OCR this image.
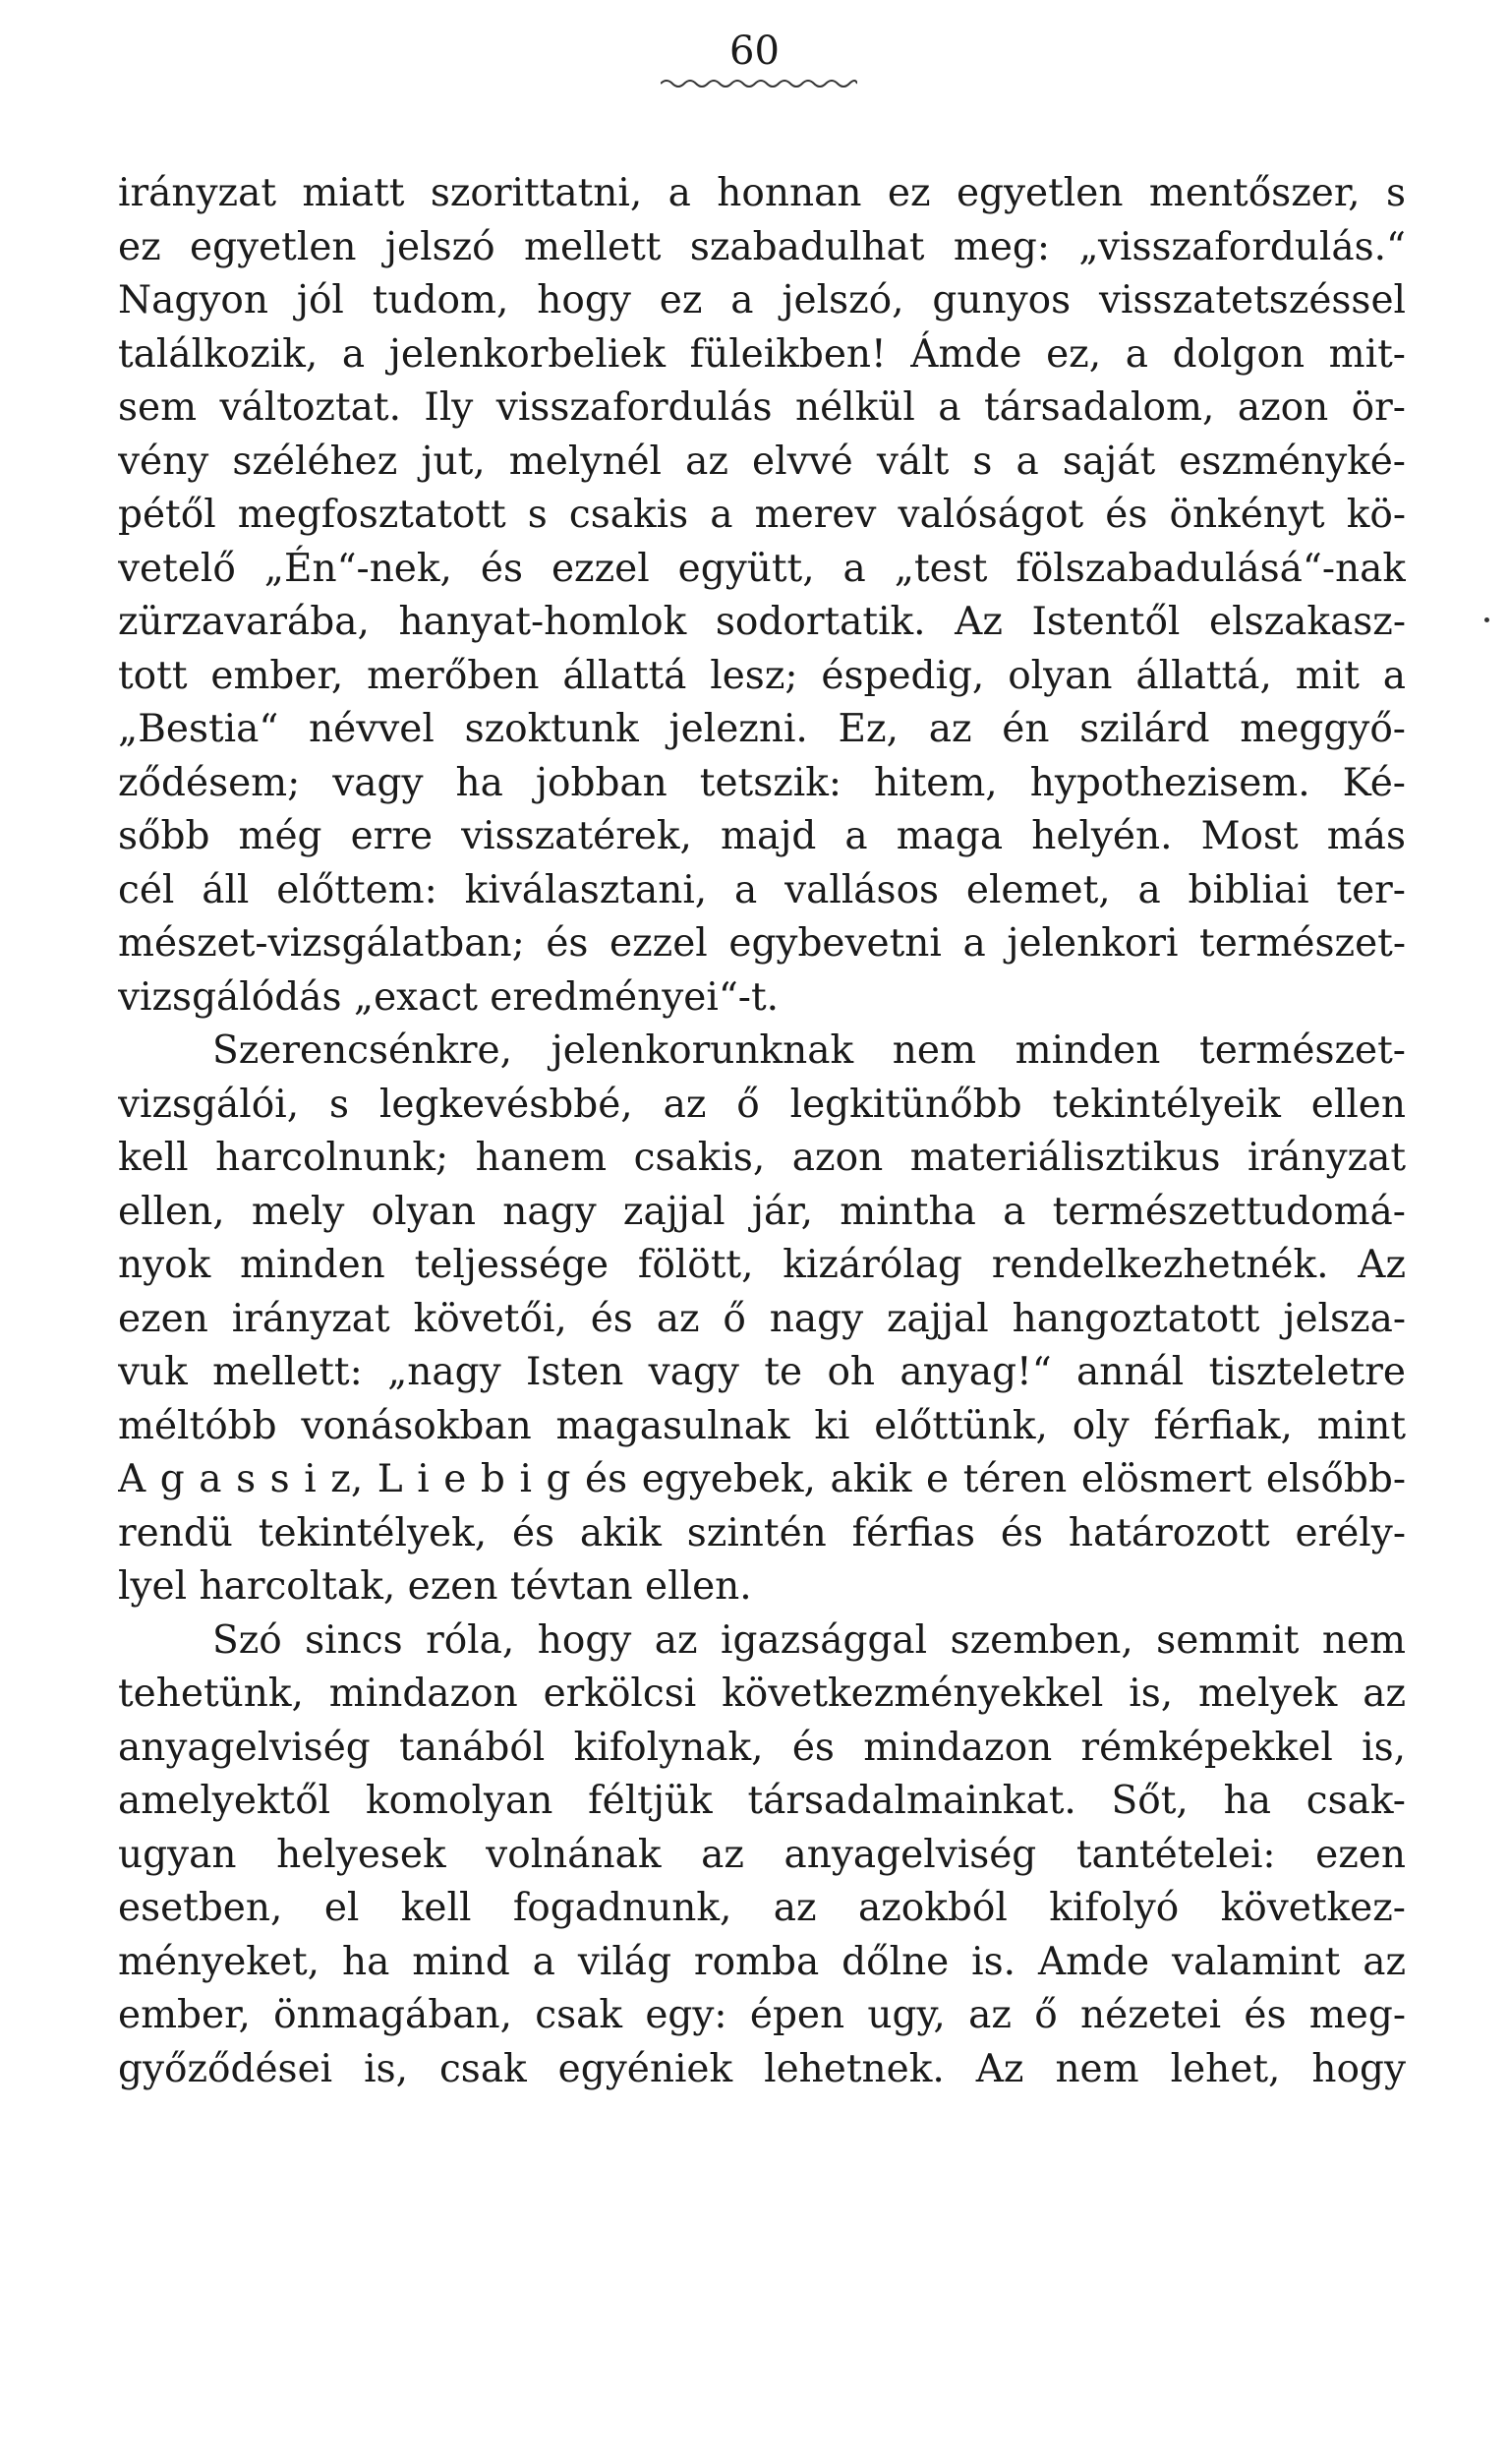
60
irányzat miatt szorittatni, a honnan ez egyetlen mentőszer, s
ez egyetlen jelszó mellett szabadulhat meg: „visszafordulás.“
Nagyon jól tudom, hogy ez a jelszó, gunyos visszatetszéssel
találkozik, a jelenkorbeliek füleikben! Ámde ez, a dolgon mit-
sem változtat. Ily visszafordulás nélkül a társadalom, azon ör-
vény széléhez jut, melynél az elvvé vált s a saját eszményké-
pétől megfosztatott s csakis a merev valóságot és önkényt kö-
vetelő „Én“-nek, és ezzel együtt, a „test fölszabadulásá“-nak
zürzavarába, hanyat-homlok sodortatik. Az Istentől elszakasz-
tott ember, merőben állattá lesz; éspedig, olyan állattá, mit a
„Bestia“ névvel szoktunk jelezni. Ez, az én szilárd meggyő-
ződésem; vagy ha jobban tetszik: hitem, hypothezisem. Ké-
sőbb még erre visszatérek, majd a maga helyén. Most más
cél áll előttem: kiválasztani, a vallásos elemet, a bibliai ter-
mészet-vizsgálatban; és ezzel egybevetni a jelenkori természet-
vizsgálódás „exact eredményei“-t.
Szerencsénkre, jelenkorunknak nem minden természet-
vizsgálói, s legkevésbbé, az ő legkitünőbb tekintélyeik ellen
kell harcolnunk; hanem csakis, azon materiálisztikus irányzat
ellen, mely olyan nagy zajjal jár, mintha a természettudomá-
nyok minden teljessége fölött, kizárólag rendelkezhetnék. Az
ezen irányzat követői, és az ő nagy zajjal hangoztatott jelsza-
vuk mellett: „nagy Isten vagy te oh anyag!“ annál tiszteletre
méltóbb vonásokban magasulnak ki előttünk, oly férfiak, mint
A g a s s i z, L i e b i g és egyebek, akik e téren elösmert elsőbb-
rendü tekintélyek, és akik szintén férfias és határozott erély-
lyel harcoltak, ezen tévtan ellen.
Szó sincs róla, hogy az igazsággal szemben, semmit nem
tehetünk, mindazon erkölcsi következményekkel is, melyek az
anyagelviség tanából kifolynak, és mindazon rémképekkel is,
amelyektől komolyan féltjük társadalmainkat. Sőt, ha csak-
ugyan helyesek volnának az anyagelviség tantételei: ezen
esetben, el kell fogadnunk, az azokból kifolyó következ-
ményeket, ha mind a világ romba dőlne is. Amde valamint az
ember, önmagában, csak egy: épen ugy, az ő nézetei és meg-
győződései is, csak egyéniek lehetnek. Az nem lehet, hogy
